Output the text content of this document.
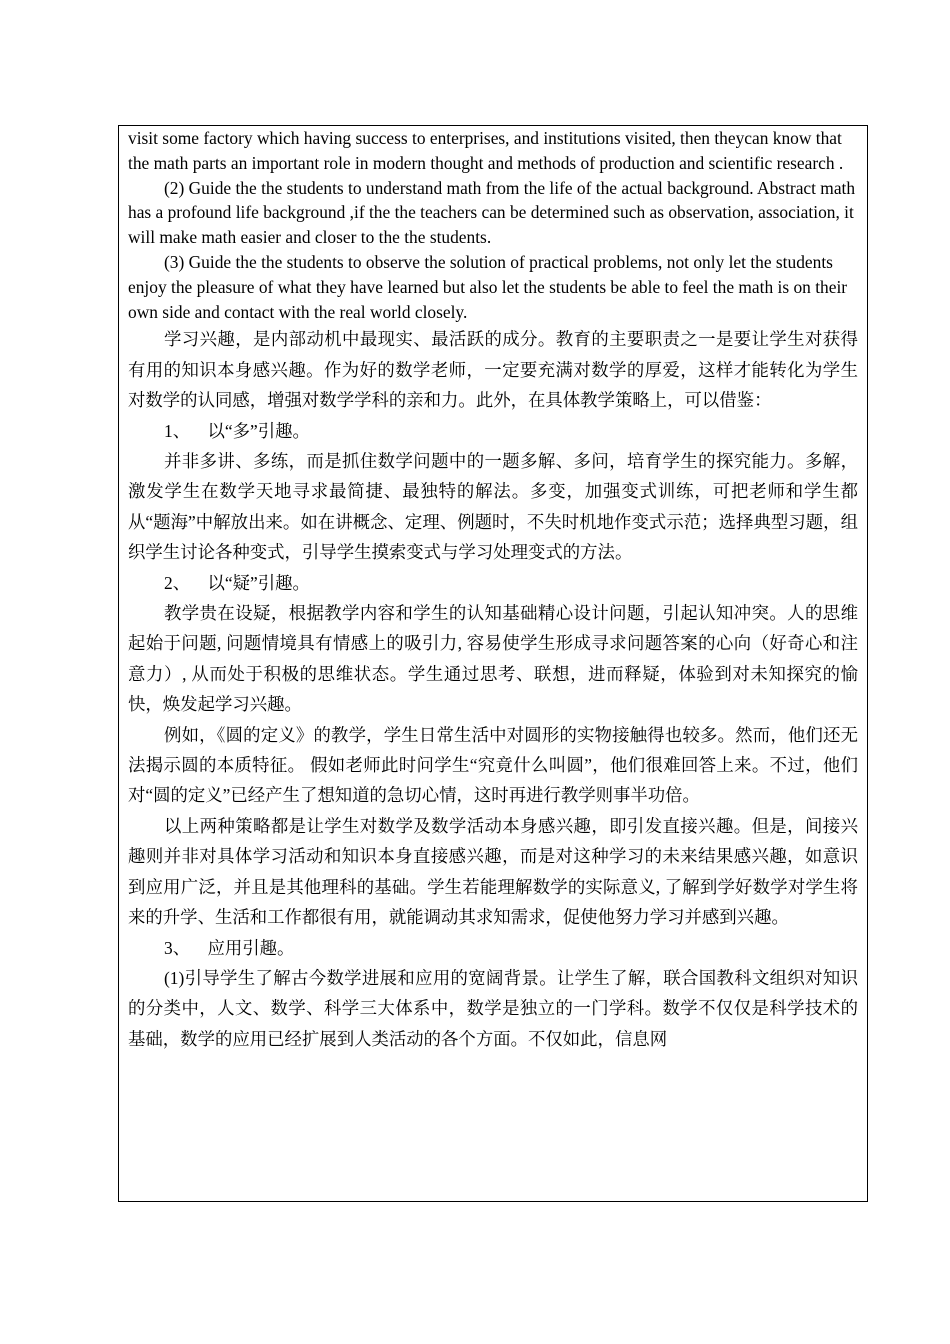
visit some factory which having success to enterprises, and institutions visited, then theycan know that the math parts an important role in modern thought and methods of production and scientific research .

(2) Guide the the students to understand math from the life of the actual background. Abstract math has a profound life background ,if the the teachers can be determined such as observation, association, it will make math easier and closer to the the students.

(3) Guide the the students to observe the solution of practical problems, not only let the students enjoy the pleasure of what they have learned but also let the students be able to feel the math is on their own side and contact with the real world closely.

学习兴趣，是内部动机中最现实、最活跃的成分。教育的主要职责之一是要让学生对获得有用的知识本身感兴趣。作为好的数学老师，一定要充满对数学的厚爱，这样才能转化为学生对数学的认同感，增强对数学学科的亲和力。此外，在具体教学策略上，可以借鉴：

1、    以“多”引趣。

并非多讲、多练，而是抓住数学问题中的一题多解、多问，培育学生的探究能力。多解，激发学生在数学天地寻求最简捷、最独特的解法。多变，加强变式训练，可把老师和学生都从“题海”中解放出来。如在讲概念、定理、例题时，不失时机地作变式示范；选择典型习题，组织学生讨论各种变式，引导学生摸索变式与学习处理变式的方法。

2、    以“疑”引趣。

教学贵在设疑，根据教学内容和学生的认知基础精心设计问题，引起认知冲突。人的思维起始于问题, 问题情境具有情感上的吸引力, 容易使学生形成寻求问题答案的心向（好奇心和注意力）, 从而处于积极的思维状态。学生通过思考、联想，进而释疑，体验到对未知探究的愉快，焕发起学习兴趣。

例如，《圆的定义》的教学，学生日常生活中对圆形的实物接触得也较多。然而，他们还无法揭示圆的本质特征。 假如老师此时问学生“究竟什么叫圆”，他们很难回答上来。不过，他们对“圆的定义”已经产生了想知道的急切心情，这时再进行教学则事半功倍。

以上两种策略都是让学生对数学及数学活动本身感兴趣，即引发直接兴趣。但是，间接兴趣则并非对具体学习活动和知识本身直接感兴趣，而是对这种学习的未来结果感兴趣，如意识到应用广泛，并且是其他理科的基础。学生若能理解数学的实际意义, 了解到学好数学对学生将来的升学、生活和工作都很有用，就能调动其求知需求，促使他努力学习并感到兴趣。

3、    应用引趣。

(1)引导学生了解古今数学进展和应用的宽阔背景。让学生了解，联合国教科文组织对知识的分类中，人文、数学、科学三大体系中，数学是独立的一门学科。数学不仅仅是科学技术的基础，数学的应用已经扩展到人类活动的各个方面。不仅如此，信息网
